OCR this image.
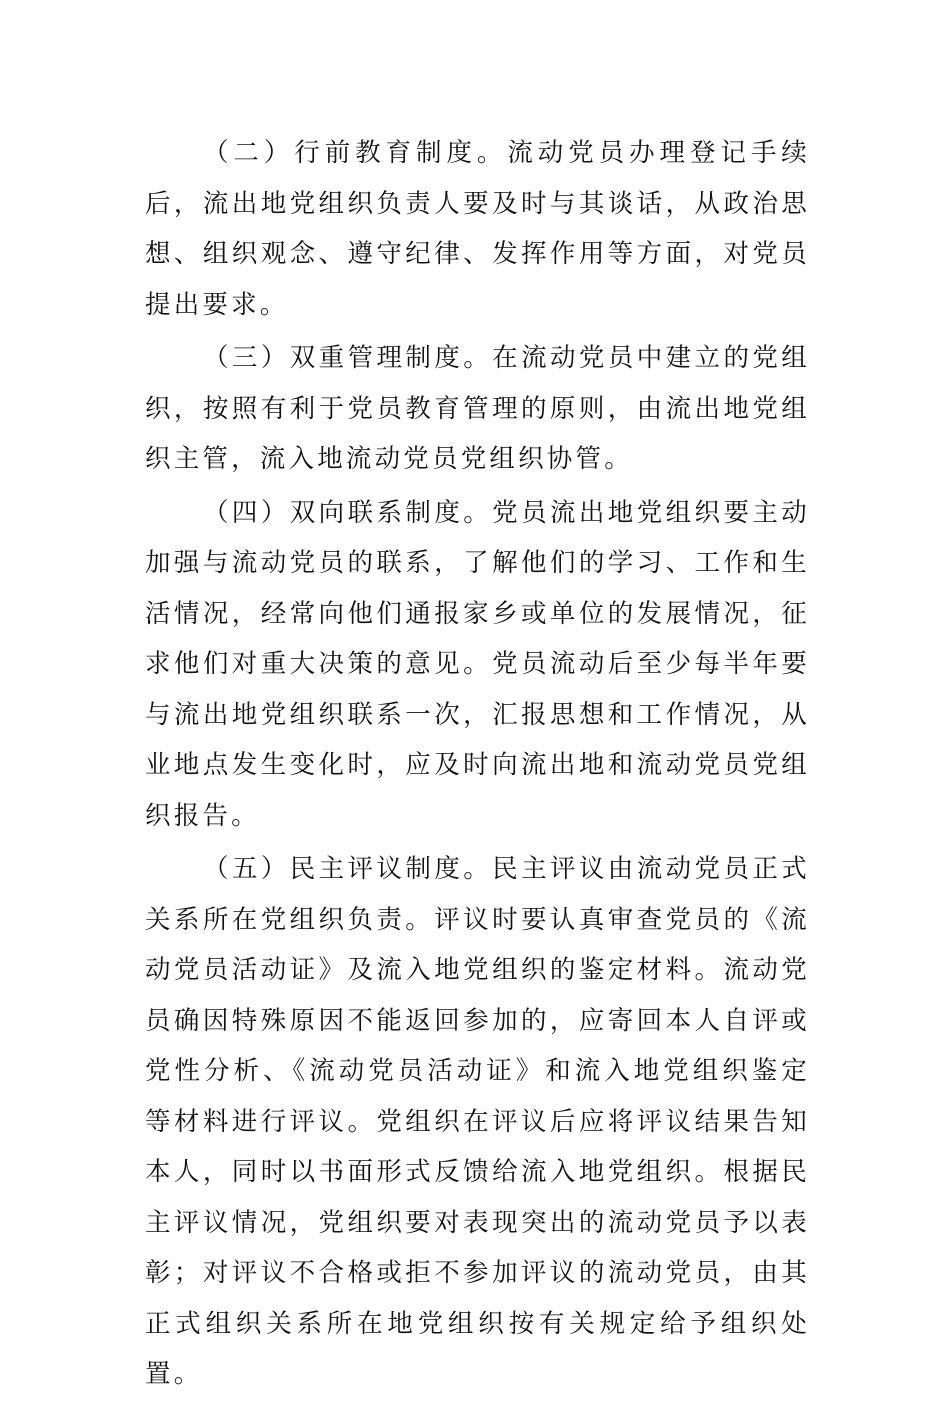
（二）行前教育制度。流动党员办理登记手续后，流出地党组织负责人要及时与其谈话，从政治思想、组织观念、遵守纪律、发挥作用等方面，对党员提出要求。

（三）双重管理制度。在流动党员中建立的党组织，按照有利于党员教育管理的原则，由流出地党组织主管，流入地流动党员党组织协管。

（四）双向联系制度。党员流出地党组织要主动加强与流动党员的联系，了解他们的学习、工作和生活情况，经常向他们通报家乡或单位的发展情况，征求他们对重大决策的意见。党员流动后至少每半年要与流出地党组织联系一次，汇报思想和工作情况，从业地点发生变化时，应及时向流出地和流动党员党组织报告。

（五）民主评议制度。民主评议由流动党员正式关系所在党组织负责。评议时要认真审查党员的《流动党员活动证》及流入地党组织的鉴定材料。流动党员确因特殊原因不能返回参加的，应寄回本人自评或党性分析、《流动党员活动证》和流入地党组织鉴定等材料进行评议。党组织在评议后应将评议结果告知本人，同时以书面形式反馈给流入地党组织。根据民主评议情况，党组织要对表现突出的流动党员予以表彰；对评议不合格或拒不参加评议的流动党员，由其正式组织关系所在地党组织按有关规定给予组织处置。
